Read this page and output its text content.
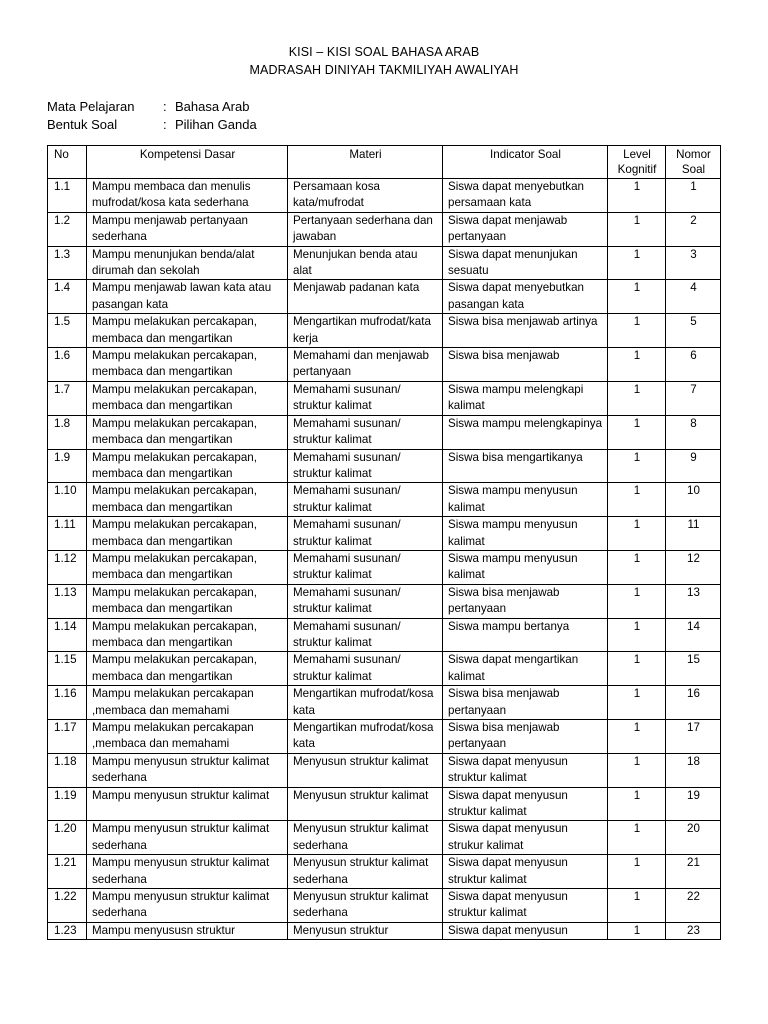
KISI – KISI SOAL BAHASA ARAB
MADRASAH DINIYAH TAKMILIYAH AWALIYAH
Mata Pelajaran : Bahasa Arab
Bentuk Soal	: Pilihan Ganda
No	Kompetensi Dasar	Materi	Indicator Soal	Level Kognitif	Nomor Soal
1.1	Mampu membaca dan menulis mufrodat/kosa kata sederhana	Persamaan kosa kata/mufrodat	Siswa dapat menyebutkan persamaan kata	1	1
1.2	Mampu menjawab pertanyaan sederhana	Pertanyaan sederhana dan jawaban	Siswa dapat menjawab pertanyaan	1	2
1.3	Mampu menunjukan benda/alat dirumah dan sekolah	Menunjukan benda atau alat	Siswa dapat menunjukan sesuatu	1	3
1.4	Mampu menjawab lawan kata atau pasangan kata	Menjawab padanan kata	Siswa dapat menyebutkan pasangan kata	1	4
1.5	Mampu melakukan percakapan, membaca dan mengartikan	Mengartikan mufrodat/kata kerja	Siswa bisa menjawab artinya	1	5
1.6	Mampu melakukan percakapan, membaca dan mengartikan	Memahami dan menjawab pertanyaan	Siswa bisa menjawab	1	6
1.7	Mampu melakukan percakapan, membaca dan mengartikan	Memahami susunan/ struktur kalimat	Siswa mampu melengkapi kalimat	1	7
1.8	Mampu melakukan percakapan, membaca dan mengartikan	Memahami susunan/ struktur kalimat	Siswa mampu melengkapinya	1	8
1.9	Mampu melakukan percakapan, membaca dan mengartikan	Memahami susunan/ struktur kalimat	Siswa bisa mengartikanya	1	9
1.10	Mampu melakukan percakapan, membaca dan mengartikan	Memahami susunan/ struktur kalimat	Siswa mampu menyusun kalimat	1	10
1.11	Mampu melakukan percakapan, membaca dan mengartikan	Memahami susunan/ struktur kalimat	Siswa mampu menyusun kalimat	1	11
1.12	Mampu melakukan percakapan, membaca dan mengartikan	Memahami susunan/ struktur kalimat	Siswa mampu menyusun kalimat	1	12
1.13	Mampu melakukan percakapan, membaca dan mengartikan	Memahami susunan/ struktur kalimat	Siswa bisa menjawab pertanyaan	1	13
1.14	Mampu melakukan percakapan, membaca dan mengartikan	Memahami susunan/ struktur kalimat	Siswa mampu bertanya	1	14
1.15	Mampu melakukan percakapan, membaca dan mengartikan	Memahami susunan/ struktur kalimat	Siswa dapat mengartikan kalimat	1	15
1.16	Mampu melakukan percakapan ,membaca dan memahami	Mengartikan mufrodat/kosa kata	Siswa bisa menjawab pertanyaan	1	16
1.17	Mampu melakukan percakapan ,membaca dan memahami	Mengartikan mufrodat/kosa kata	Siswa bisa menjawab pertanyaan	1	17
1.18	Mampu menyusun struktur kalimat sederhana	Menyusun struktur kalimat	Siswa dapat menyusun struktur kalimat	1	18
1.19	Mampu menyusun struktur kalimat	Menyusun struktur kalimat	Siswa dapat menyusun struktur kalimat	1	19
1.20	Mampu menyusun struktur kalimat sederhana	Menyusun struktur kalimat sederhana	Siswa dapat menyusun strukur kalimat	1	20
1.21	Mampu menyusun struktur kalimat sederhana	Menyusun struktur kalimat sederhana	Siswa dapat menyusun struktur kalimat	1	21
1.22	Mampu menyusun struktur kalimat sederhana	Menyusun struktur kalimat sederhana	Siswa dapat menyusun struktur kalimat	1	22
1.23	Mampu menyususn struktur	Menyusun struktur	Siswa dapat menyusun	1	23
